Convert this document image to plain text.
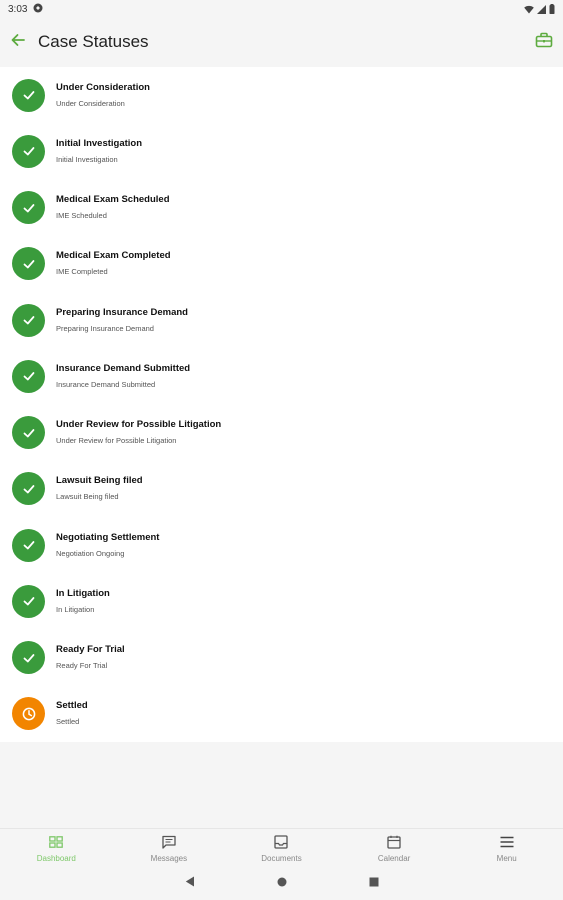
3:03
Case Statuses
Under Consideration
Under Consideration
Initial Investigation
Initial Investigation
Medical Exam Scheduled
IME Scheduled
Medical Exam Completed
IME Completed
Preparing Insurance Demand
Preparing Insurance Demand
Insurance Demand Submitted
Insurance Demand Submitted
Under Review for Possible Litigation
Under Review for Possible Litigation
Lawsuit Being filed
Lawsuit Being filed
Negotiating Settlement
Negotiation Ongoing
In Litigation
In Litigation
Ready For Trial
Ready For Trial
Settled
Settled
Dashboard	Messages	Documents	Calendar	Menu
